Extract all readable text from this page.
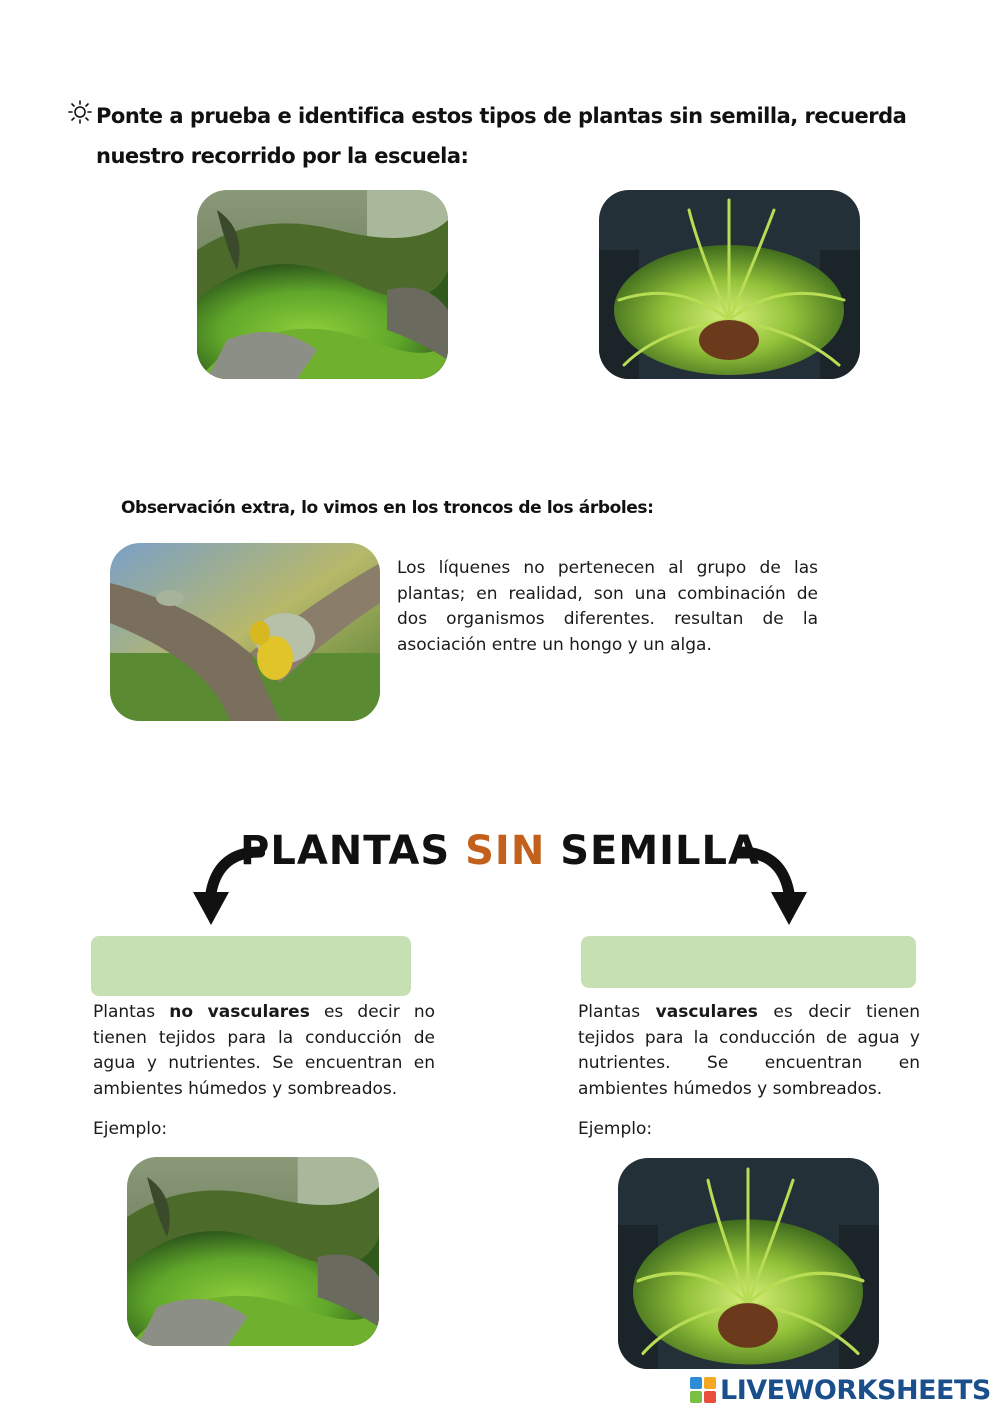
Ponte a prueba e identifica estos tipos de plantas sin semilla, recuerda nuestro recorrido por la escuela:
Observación extra, lo vimos en los troncos de los árboles:
Los líquenes no pertenecen al grupo de las plantas; en realidad, son una combinación de dos organismos diferentes. resultan de la asociación entre un hongo y un alga.
PLANTAS SIN SEMILLA
Plantas no vasculares es decir no tienen tejidos para la conducción de agua y nutrientes. Se encuentran en ambientes húmedos y sombreados.
Ejemplo:
Plantas vasculares es decir tienen tejidos para la conducción de agua y nutrientes. Se encuentran en ambientes húmedos y sombreados.
Ejemplo:
LIVEWORKSHEETS
